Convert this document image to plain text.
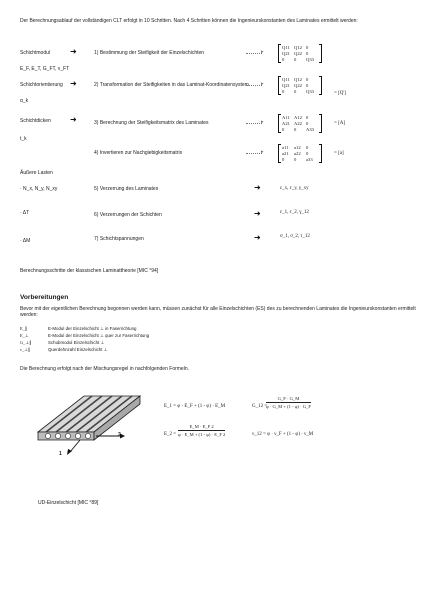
Der Berechnungsablauf der vollständigen CLT erfolgt in 10 Schritten. Nach 4 Schritten können die Ingenieurskonstanten des Laminates ermittelt werden:
Schichtmodul
E_F, E_T, G_FT, ν_FT
Schichtorientierung
α_k
Schichtdicken
t_k
Äußere Lasten
· N_x, N_y, N_xy
· ΔT
· ΔM
➜
➜
➜
1) Bestimmung der Steifigkeit der Einzelschichten
2) Transformation der Steifigkeiten in das Laminat-Koordinatensystem
3) Berechnung der Steifigkeitsmatrix des Laminates
4) Invertieren zur Nachgiebigkeitsmatrix
5) Verzerrung des Laminates
6) Verzerrungen der Schichten
7) Schichtspannungen
▸
▸
▸
▸
Q11 Q12 0
Q21 Q22 0
0	0	Q33
Q11 Q12 0
Q21 Q22 0
0	0	Q33
A11 A12 0
A21 A22 0
0	0	A33
a11	a12	0
a21	a22	0
0	0	a33
= [Q']
= [A]
= [a]
➜
➜
➜
ε_x, ε_y, γ_xy
ε_1, ε_2, γ_12
σ_1, σ_2, τ_12
Berechnungsschritte der klassischen Laminattheorie [MIC °94]
Vorbereitungen
Bevor mit der eigentlichen Berechnung begonnen werden kann, müssen zunächst für alle Einzelschichten (ES) des zu berechnenden Laminates die Ingenieurskonstanten ermittelt werden:
E_∥	E-Modul der Einzelschicht ⊥ in Faserrichtung
E_⊥	E-Modul der Einzelschicht ⊥ quer zur Faserrichtung
G_⊥∥	Schubmodul Einzelschicht ⊥
ν_⊥∥	Querdehnzahl Einzelschicht ⊥
Die Berechnung erfolgt nach der Mischungsregel in nachfolgenden Formeln.
2
1
E_1 = φ · E_F + (1 - φ) · E_M	G_12 =
$\frac{G\_F \cdot G\_M}{\varphi \cdot G\_M + (1 - \varphi) \cdot G\_F}$
E_2 = $\frac{E\_M \cdot E\_F 2}{\varphi \cdot E\_M + (1 - \varphi) \cdot E\_F 2}$	ν_12 = φ · ν_F + (1 - φ) · ν_M
UD-Einzelschicht [MIC °89]
